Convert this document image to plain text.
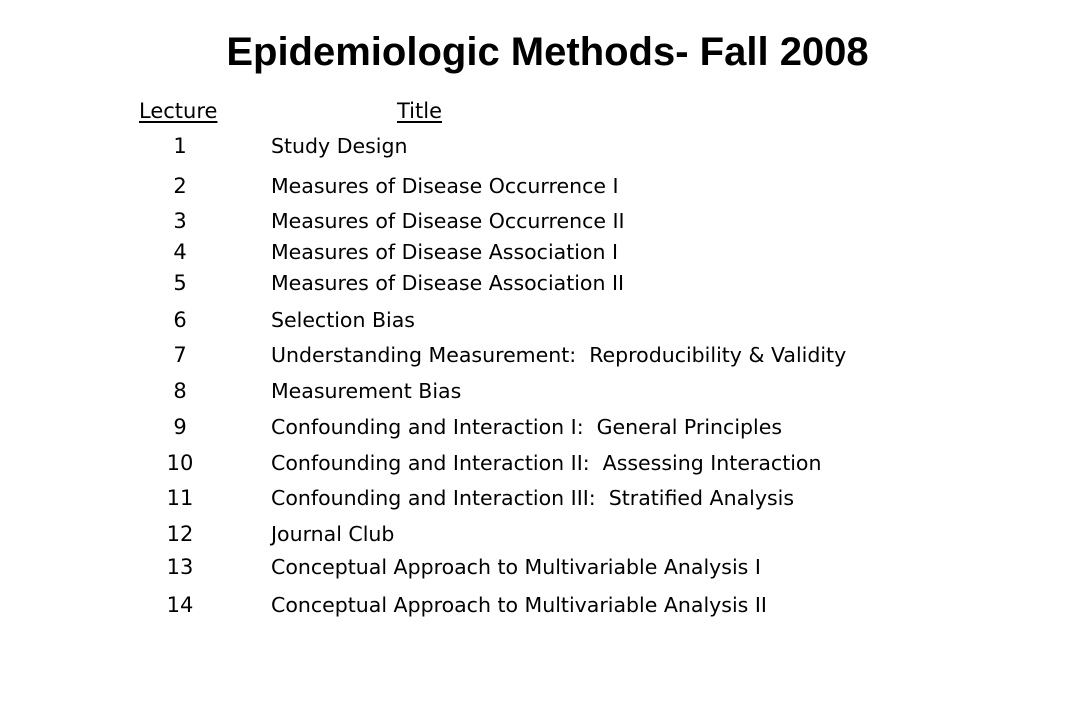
Epidemiologic Methods- Fall 2008
Lecture	Title
1	Study Design
2	Measures of Disease Occurrence I
3	Measures of Disease Occurrence II
4	Measures of Disease Association I
5	Measures of Disease Association II
6	Selection Bias
7	Understanding Measurement:  Reproducibility & Validity
8	Measurement Bias
9	Confounding and Interaction I:  General Principles
10	Confounding and Interaction II:  Assessing Interaction
11	Confounding and Interaction III:  Stratified Analysis
12	Journal Club
13	Conceptual Approach to Multivariable Analysis I
14	Conceptual Approach to Multivariable Analysis II
